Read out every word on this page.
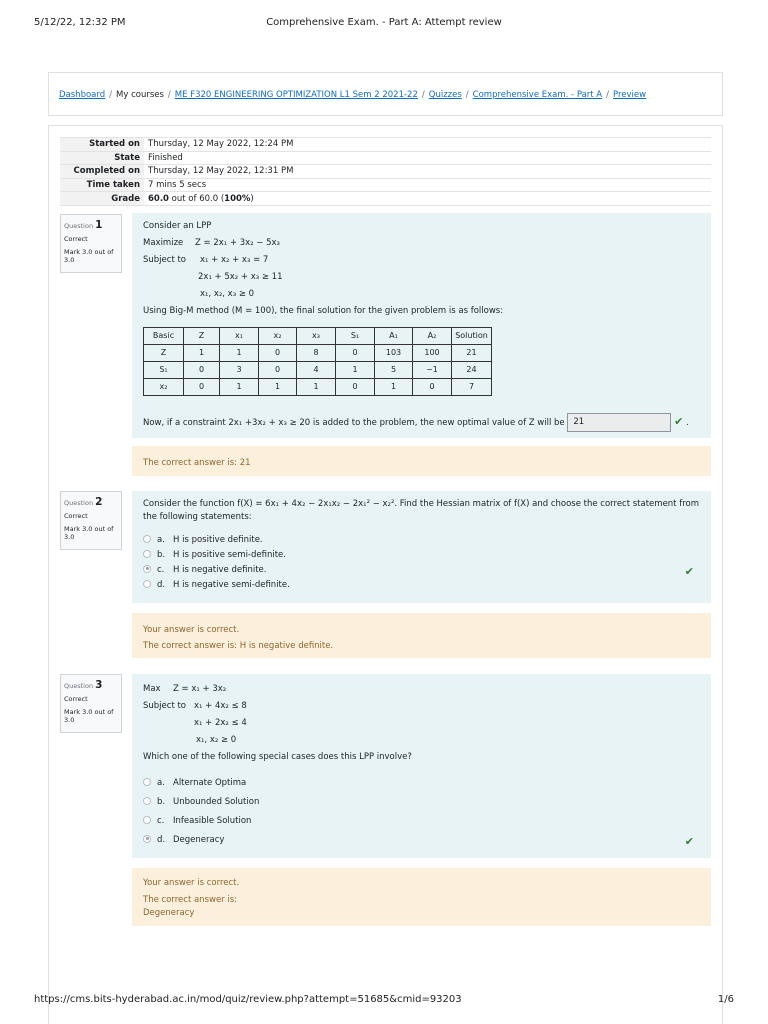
5/12/22, 12:32 PM	Comprehensive Exam. - Part A: Attempt review
Dashboard / My courses / ME F320 ENGINEERING OPTIMIZATION L1 Sem 2 2021-22 / Quizzes / Comprehensive Exam. - Part A / Preview
Started on	Thursday, 12 May 2022, 12:24 PM
State	Finished
Completed on	Thursday, 12 May 2022, 12:31 PM
Time taken	7 mins 5 secs
Grade	60.0 out of 60.0 (100%)
Question 1
Correct
Mark 3.0 out of 3.0
Consider an LPP
Maximize Z = 2x₁ + 3x₂ − 5x₃
Subject to x₁ + x₂ + x₃ = 7
2x₁ + 5x₂ + x₃ ≥ 11
x₁, x₂, x₃ ≥ 0
Using Big-M method (M = 100), the final solution for the given problem is as follows:
Basic	Z	x₁	x₂	x₃	S₁	A₁	A₂	Solution
Z	1	1	0	8	0	103	100	21
S₁	0	3	0	4	1	5	−1	24
x₂	0	1	1	1	0	1	0	7
Now, if a constraint 2x₁ +3x₂ + x₃ ≥ 20 is added to the problem, the new optimal value of Z will be 21	✔ .
The correct answer is: 21
Question 2
Correct
Mark 3.0 out of 3.0
Consider the function f(X) = 6x₁ + 4x₂ − 2x₁x₂ − 2x₁² − x₂². Find the Hessian matrix of f(X) and choose the correct statement from the following statements:
a. H is positive definite.
b. H is positive semi-definite.
c. H is negative definite.	✔
d. H is negative semi-definite.
Your answer is correct.
The correct answer is: H is negative definite.
Question 3
Correct
Mark 3.0 out of 3.0
Max Z = x₁ + 3x₂
Subject to x₁ + 4x₂ ≤ 8
x₁ + 2x₂ ≤ 4
x₁, x₂ ≥ 0
Which one of the following special cases does this LPP involve?
a. Alternate Optima
b. Unbounded Solution
c. Infeasible Solution
d. Degeneracy	✔
Your answer is correct.
The correct answer is:
Degeneracy
https://cms.bits-hyderabad.ac.in/mod/quiz/review.php?attempt=51685&cmid=93203	1/6
